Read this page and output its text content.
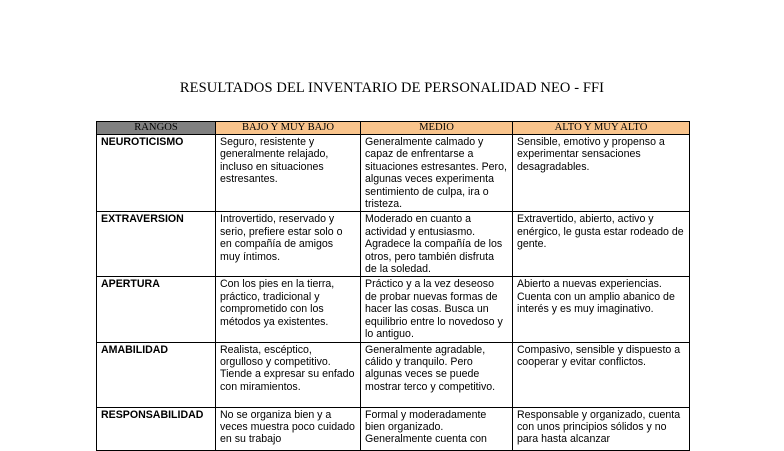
RESULTADOS DEL INVENTARIO DE PERSONALIDAD NEO - FFI
RANGOS	BAJO Y MUY BAJO	MEDIO	ALTO Y MUY ALTO
NEUROTICISMO	Seguro, resistente y generalmente relajado, incluso en situaciones estresantes.	Generalmente calmado y capaz de enfrentarse a situaciones estresantes. Pero, algunas veces experimenta sentimiento de culpa, ira o tristeza.	Sensible, emotivo y propenso a experimentar sensaciones desagradables.
EXTRAVERSION	Introvertido, reservado y serio, prefiere estar solo o en compañía de amigos muy íntimos.	Moderado en cuanto a actividad y entusiasmo. Agradece la compañía de los otros, pero también disfruta de la soledad.	Extravertido, abierto, activo y enérgico, le gusta estar rodeado de gente.
APERTURA	Con los pies en la tierra, práctico, tradicional y comprometido con los métodos ya existentes.	Práctico y a la vez deseoso de probar nuevas formas de hacer las cosas. Busca un equilibrio entre lo novedoso y lo antiguo.	Abierto a nuevas experiencias. Cuenta con un amplio abanico de interés y es muy imaginativo.
AMABILIDAD	Realista, escéptico, orgulloso y competitivo. Tiende a expresar su enfado con miramientos.	Generalmente agradable, cálido y tranquilo. Pero algunas veces se puede mostrar terco y competitivo.	Compasivo, sensible y dispuesto a cooperar y evitar conflictos.
RESPONSABILIDAD	No se organiza bien y a veces muestra poco cuidado en su trabajo	Formal y moderadamente bien organizado. Generalmente cuenta con	Responsable y organizado, cuenta con unos principios sólidos y no para hasta alcanzar
